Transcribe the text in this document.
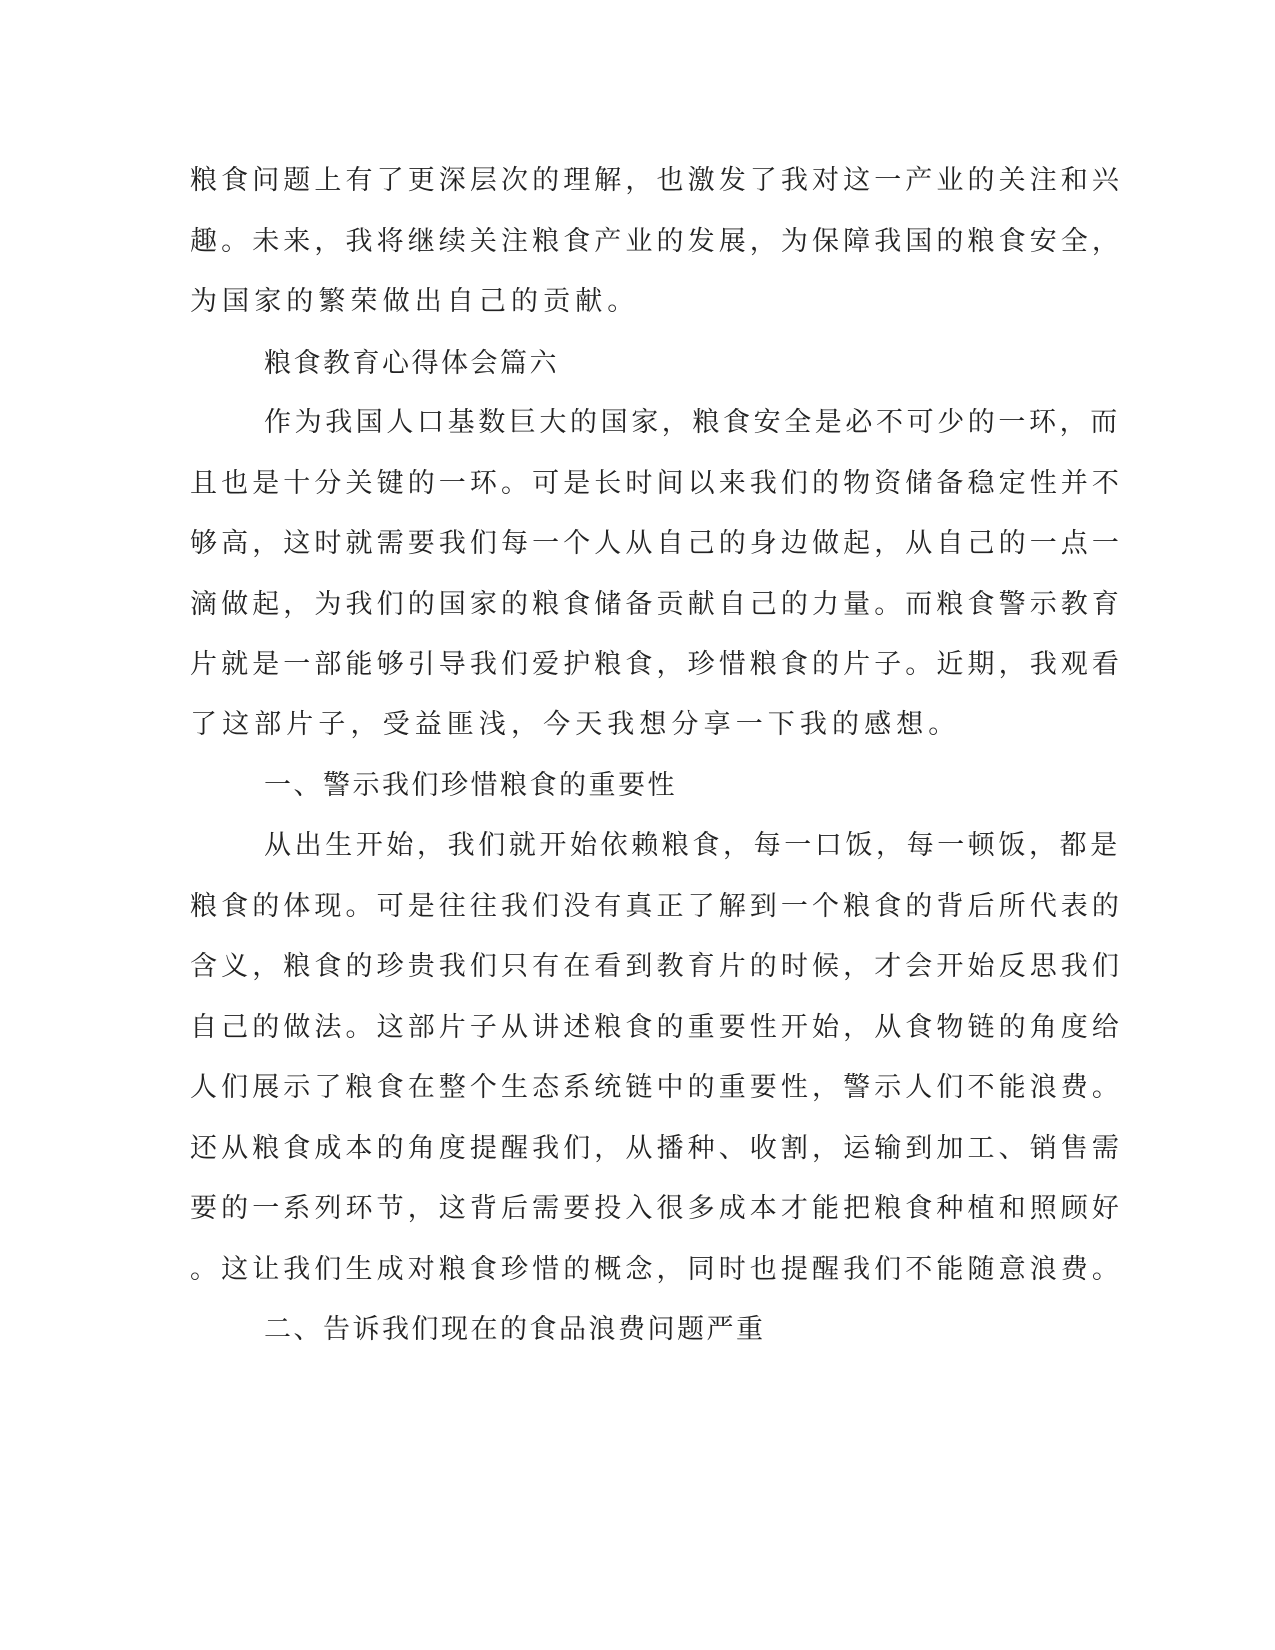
粮食问题上有了更深层次的理解，也激发了我对这一产业的关注和兴

趣。未来，我将继续关注粮食产业的发展，为保障我国的粮食安全，

为国家的繁荣做出自己的贡献。

粮食教育心得体会篇六

作为我国人口基数巨大的国家，粮食安全是必不可少的一环，而

且也是十分关键的一环。可是长时间以来我们的物资储备稳定性并不

够高，这时就需要我们每一个人从自己的身边做起，从自己的一点一

滴做起，为我们的国家的粮食储备贡献自己的力量。而粮食警示教育

片就是一部能够引导我们爱护粮食，珍惜粮食的片子。近期，我观看

了这部片子，受益匪浅，今天我想分享一下我的感想。

一、警示我们珍惜粮食的重要性

从出生开始，我们就开始依赖粮食，每一口饭，每一顿饭，都是

粮食的体现。可是往往我们没有真正了解到一个粮食的背后所代表的

含义，粮食的珍贵我们只有在看到教育片的时候，才会开始反思我们

自己的做法。这部片子从讲述粮食的重要性开始，从食物链的角度给

人们展示了粮食在整个生态系统链中的重要性，警示人们不能浪费。

还从粮食成本的角度提醒我们，从播种、收割，运输到加工、销售需

要的一系列环节，这背后需要投入很多成本才能把粮食种植和照顾好

。这让我们生成对粮食珍惜的概念，同时也提醒我们不能随意浪费。

二、告诉我们现在的食品浪费问题严重
